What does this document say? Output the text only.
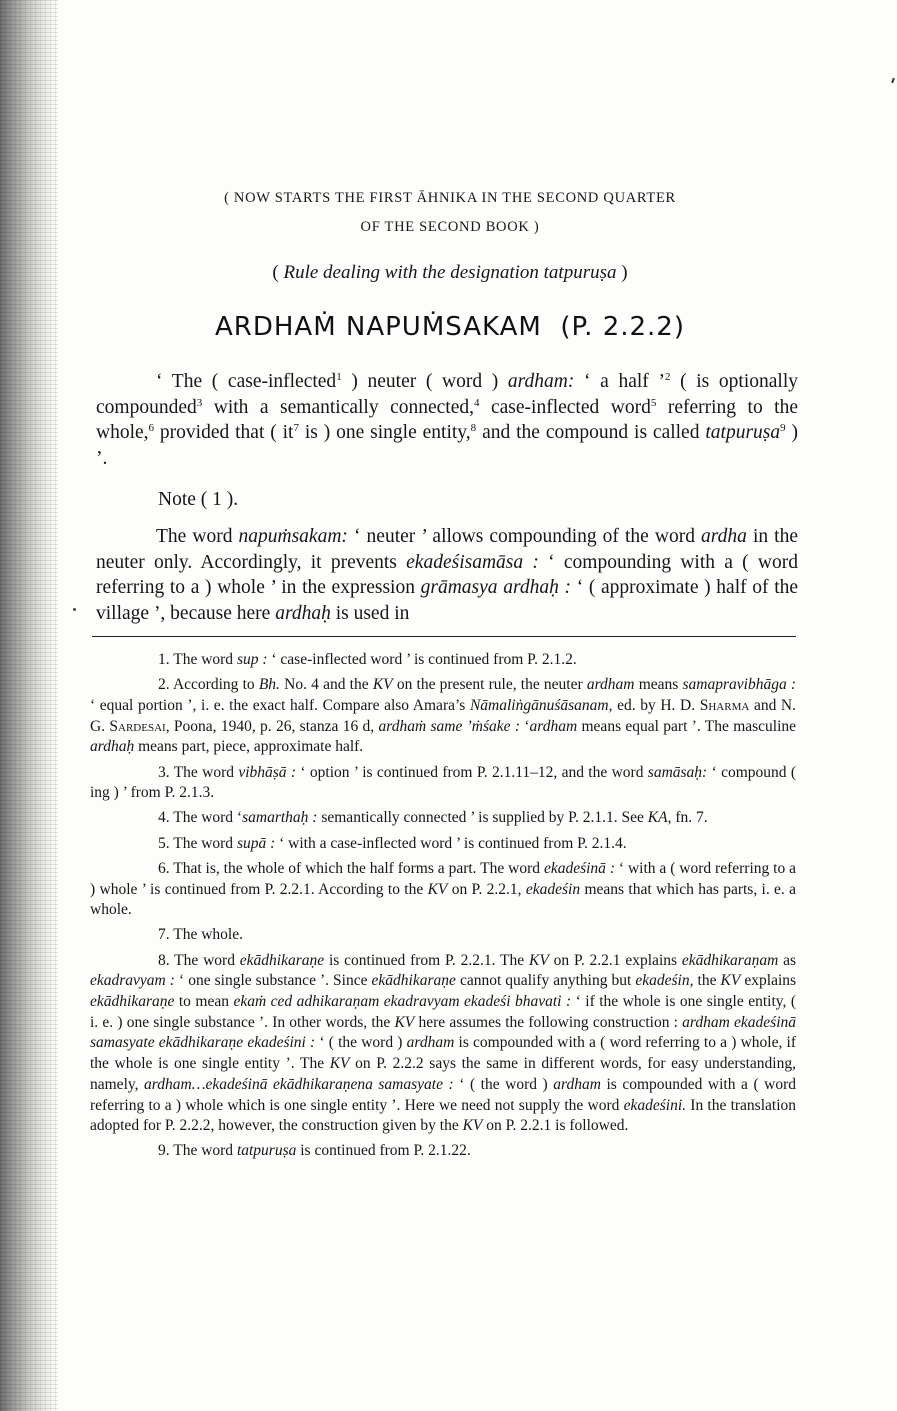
( NOW STARTS THE FIRST ĀHNIKA IN THE SECOND QUARTER
OF THE SECOND BOOK )
( Rule dealing with the designation tatpuruṣa )
ARDHAṀ NAPUṀSAKAM (P. 2.2.2)
‘ The ( case-inflected$^1$ ) neuter ( word ) ardham: ‘ a half ’$^2$ ( is optionally compounded$^3$ with a semantically connected,$^4$ case-inflected word$^5$ referring to the whole,$^6$ provided that ( $it^7$ is ) one single entity,$^8$ and the compound is called tatpuruṣa$^9$ ) ’.
Note ( 1 ).
The word napuṁsakam: ‘ neuter ’ allows compounding of the word ardha in the neuter only. Accordingly, it prevents ekadeśisamāsa : ‘ compounding with a ( word referring to a ) whole ’ in the expression grāmasya ardhaḥ : ‘ ( approximate ) half of the village ’, because here ardhaḥ is used in

1. The word sup : ‘ case-inflected word ’ is continued from P. 2.1.2.

2. According to Bh. No. 4 and the KV on the present rule, the neuter ardham means samapravibhāga : ‘ equal portion ’, i. e. the exact half. Compare also Amara’s Nāmaliṅgānuśāsanam, ed. by H. D. Sharma and N. G. Sardesai, Poona, 1940, p. 26, stanza 16 d, ardhaṁ same ’ṁśake : ‘ardham means equal part ’. The masculine ardhaḥ means part, piece, approximate half.

3. The word vibhāṣā : ‘ option ’ is continued from P. 2.1.11–12, and the word samāsaḥ: ‘ compound ( ing ) ’ from P. 2.1.3.

4. The word ‘samarthaḥ : semantically connected ’ is supplied by P. 2.1.1. See KA, fn. 7.

5. The word supā : ‘ with a case-inflected word ’ is continued from P. 2.1.4.

6. That is, the whole of which the half forms a part. The word ekadeśinā : ‘ with a ( word referring to a ) whole ’ is continued from P. 2.2.1. According to the KV on P. 2.2.1, ekadeśin means that which has parts, i. e. a whole.

7. The whole.

8. The word ekādhikaraṇe is continued from P. 2.2.1. The KV on P. 2.2.1 explains ekādhikaraṇam as ekadravyam : ‘ one single substance ’. Since ekādhikaraṇe cannot qualify anything but ekadeśin, the KV explains ekādhikaraṇe to mean ekaṁ ced adhikaraṇam ekadravyam ekadeśi bhavati : ‘ if the whole is one single entity, ( i. e. ) one single substance ’. In other words, the KV here assumes the following construction : ardham ekadeśinā samasyate ekādhikaraṇe ekadeśini : ‘ ( the word ) ardham is compounded with a ( word referring to a ) whole, if the whole is one single entity ’. The KV on P. 2.2.2 says the same in different words, for easy understanding, namely, ardham…ekadeśinā ekādhikaraṇena samasyate : ‘ ( the word ) ardham is compounded with a ( word referring to a ) whole which is one single entity ’. Here we need not supply the word ekadeśini. In the translation adopted for P. 2.2.2, however, the construction given by the KV on P. 2.2.1 is followed.

9. The word tatpuruṣa is continued from P. 2.1.22.
